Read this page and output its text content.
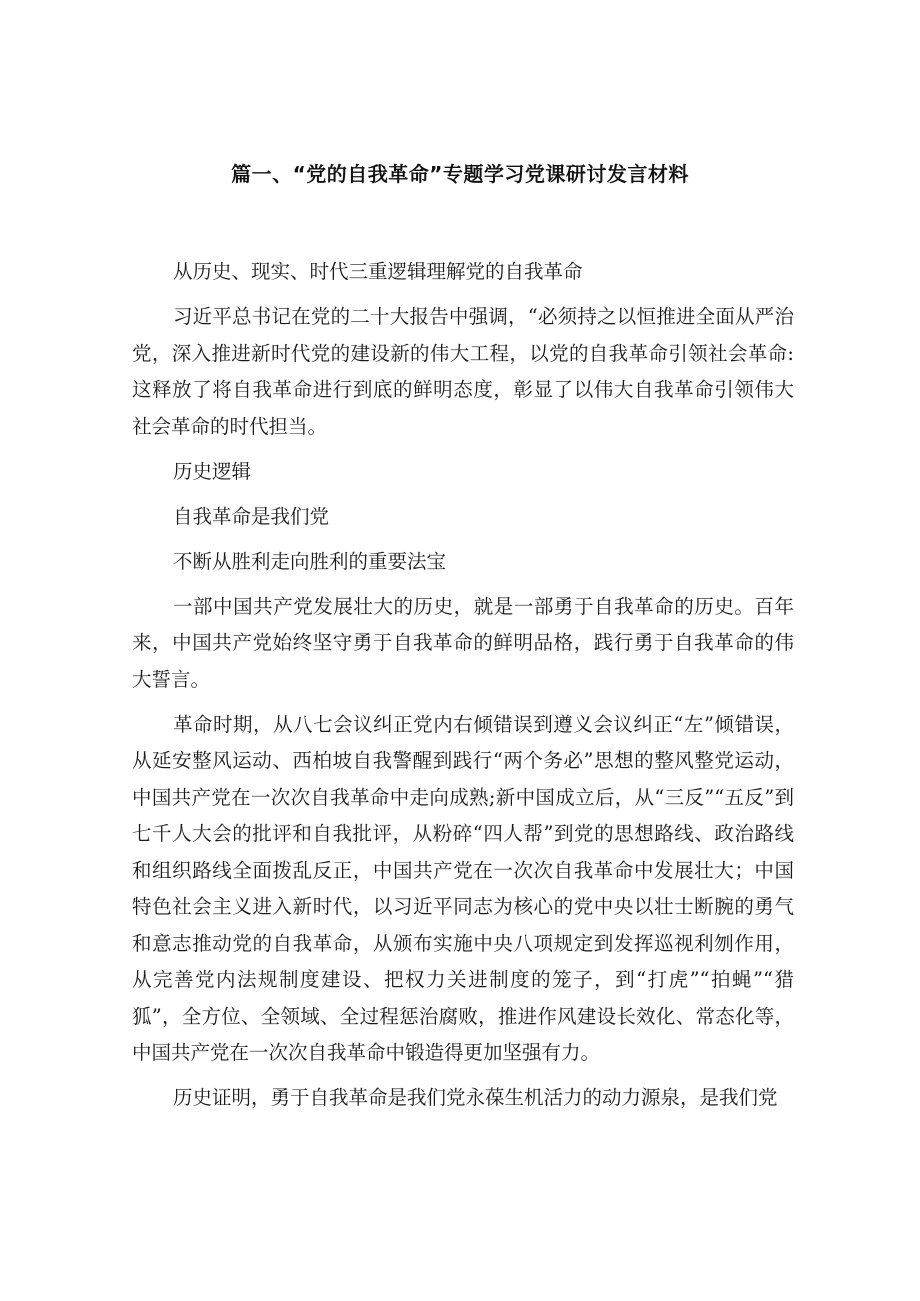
篇一、“党的自我革命”专题学习党课研讨发言材料

从历史、现实、时代三重逻辑理解党的自我革命

习近平总书记在党的二十大报告中强调，“必须持之以恒推进全面从严治党，深入推进新时代党的建设新的伟大工程，以党的自我革命引领社会革命:这释放了将自我革命进行到底的鲜明态度，彰显了以伟大自我革命引领伟大社会革命的时代担当。

历史逻辑

自我革命是我们党

不断从胜利走向胜利的重要法宝

一部中国共产党发展壮大的历史，就是一部勇于自我革命的历史。百年来，中国共产党始终坚守勇于自我革命的鲜明品格，践行勇于自我革命的伟大誓言。

革命时期，从八七会议纠正党内右倾错误到遵义会议纠正“左”倾错误，从延安整风运动、西柏坡自我警醒到践行“两个务必”思想的整风整党运动，中国共产党在一次次自我革命中走向成熟;新中国成立后，从“三反”“五反”到七千人大会的批评和自我批评，从粉碎“四人帮”到党的思想路线、政治路线和组织路线全面拨乱反正，中国共产党在一次次自我革命中发展壮大；中国特色社会主义进入新时代，以习近平同志为核心的党中央以壮士断腕的勇气和意志推动党的自我革命，从颁布实施中央八项规定到发挥巡视利刎作用，从完善党内法规制度建设、把权力关进制度的笼子，到“打虎”“拍蝇”“猎狐”，全方位、全领域、全过程惩治腐败，推进作风建设长效化、常态化等，中国共产党在一次次自我革命中锻造得更加坚强有力。

历史证明，勇于自我革命是我们党永葆生机活力的动力源泉，是我们党
